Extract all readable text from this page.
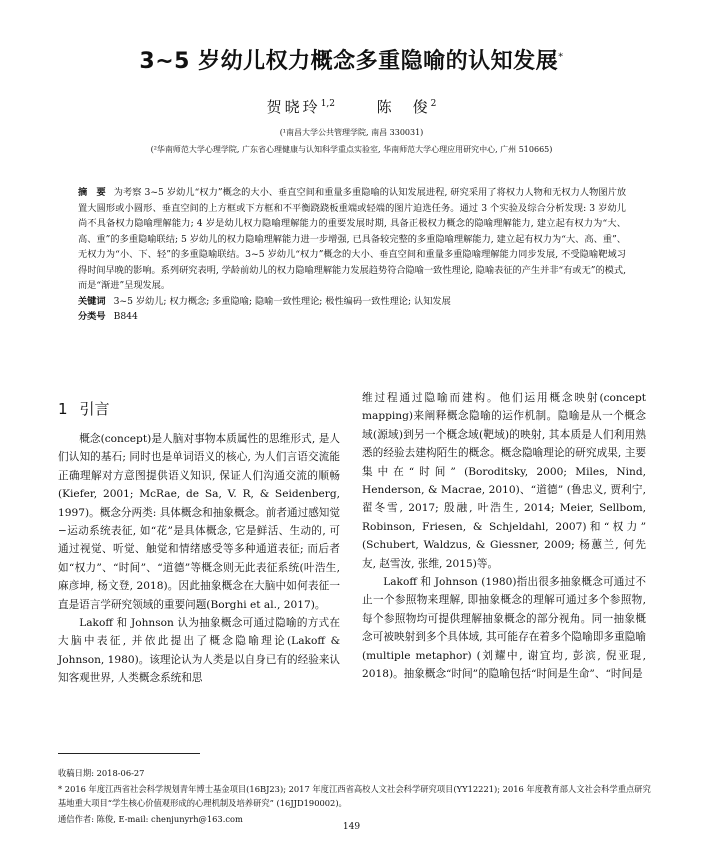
3~5 岁幼儿权力概念多重隐喻的认知发展*
贺晓玲$^{1,2}$	陈　俊$^2$
(¹南昌大学公共管理学院, 南昌 330031)
(²华南师范大学心理学院, 广东省心理健康与认知科学重点实验室, 华南师范大学心理应用研究中心, 广州 510665)
摘　要 为考察 3~5 岁幼儿“权力”概念的大小、垂直空间和重量多重隐喻的认知发展进程, 研究采用了将权力人物和无权力人物图片放置大圆形或小圆形、垂直空间的上方框或下方框和不平衡跷跷板重端或轻端的图片迫选任务。通过 3 个实验及综合分析发现: 3 岁幼儿尚不具备权力隐喻理解能力; 4 岁是幼儿权力隐喻理解能力的重要发展时期, 具备正极权力概念的隐喻理解能力, 建立起有权力为“大、高、重”的多重隐喻联结; 5 岁幼儿的权力隐喻理解能力进一步增强, 已具备较完整的多重隐喻理解能力, 建立起有权力为“大、高、重”、无权力为“小、下、轻”的多重隐喻联结。3~5 岁幼儿“权力”概念的大小、垂直空间和重量多重隐喻理解能力同步发展, 不受隐喻靶域习得时间早晚的影响。系列研究表明, 学龄前幼儿的权力隐喻理解能力发展趋势符合隐喻一致性理论, 隐喻表征的产生并非“有或无”的模式, 而是“渐进”呈现发展。
关键词 3~5 岁幼儿; 权力概念; 多重隐喻; 隐喻一致性理论; 极性编码一致性理论; 认知发展
分类号 B844
1 引言

概念(concept)是人脑对事物本质属性的思维形式, 是人们认知的基石; 同时也是单词语义的核心, 为人们言语交流能正确理解对方意图提供语义知识, 保证人们沟通交流的顺畅(Kiefer, 2001; McRae, de Sa, V. R, & Seidenberg, 1997)。概念分两类: 具体概念和抽象概念。前者通过感知觉−运动系统表征, 如“花”是具体概念, 它是鲜活、生动的, 可通过视觉、听觉、触觉和情绪感受等多种通道表征; 而后者如“权力”、“时间”、“道德”等概念则无此表征系统(叶浩生, 麻彦坤, 杨文登, 2018)。因此抽象概念在大脑中如何表征一直是语言学研究领域的重要问题(Borghi et al., 2017)。

Lakoff 和 Johnson 认为抽象概念可通过隐喻的方式在大脑中表征, 并依此提出了概念隐喻理论(Lakoff & Johnson, 1980)。该理论认为人类是以自身已有的经验来认知客观世界, 人类概念系统和思

维过程通过隐喻而建构。他们运用概念映射(concept mapping)来阐释概念隐喻的运作机制。隐喻是从一个概念域(源域)到另一个概念域(靶域)的映射, 其本质是人们利用熟悉的经验去建构陌生的概念。概念隐喻理论的研究成果, 主要集中在“时间” (Boroditsky, 2000; Miles, Nind, Henderson, & Macrae, 2010)、“道德” (鲁忠义, 贾利宁, 翟冬雪, 2017; 殷融, 叶浩生, 2014; Meier, Sellbom, Robinson, Friesen, & Schjeldahl, 2007)和“权力” (Schubert, Waldzus, & Giessner, 2009; 杨蕙兰, 何先友, 赵雪汝, 张维, 2015)等。

Lakoff 和 Johnson (1980)指出很多抽象概念可通过不止一个参照物来理解, 即抽象概念的理解可通过多个参照物, 每个参照物均可提供理解抽象概念的部分视角。同一抽象概念可被映射到多个具体域, 其可能存在着多个隐喻即多重隐喻(multiple metaphor) (刘耀中, 谢宜均, 彭滨, 倪亚琨, 2018)。抽象概念“时间”的隐喻包括“时间是生命”、“时间是

收稿日期: 2018-06-27
* 2016 年度江西省社会科学规划青年博士基金项目(16BJ23); 2017 年度江西省高校人文社会科学研究项目(YY12221); 2016 年度教育部人文社会科学重点研究基地重大项目“学生核心价值观形成的心理机制及培养研究” (16JJD190002)。
通信作者: 陈俊, E-mail: chenjunyrh@163.com
149
